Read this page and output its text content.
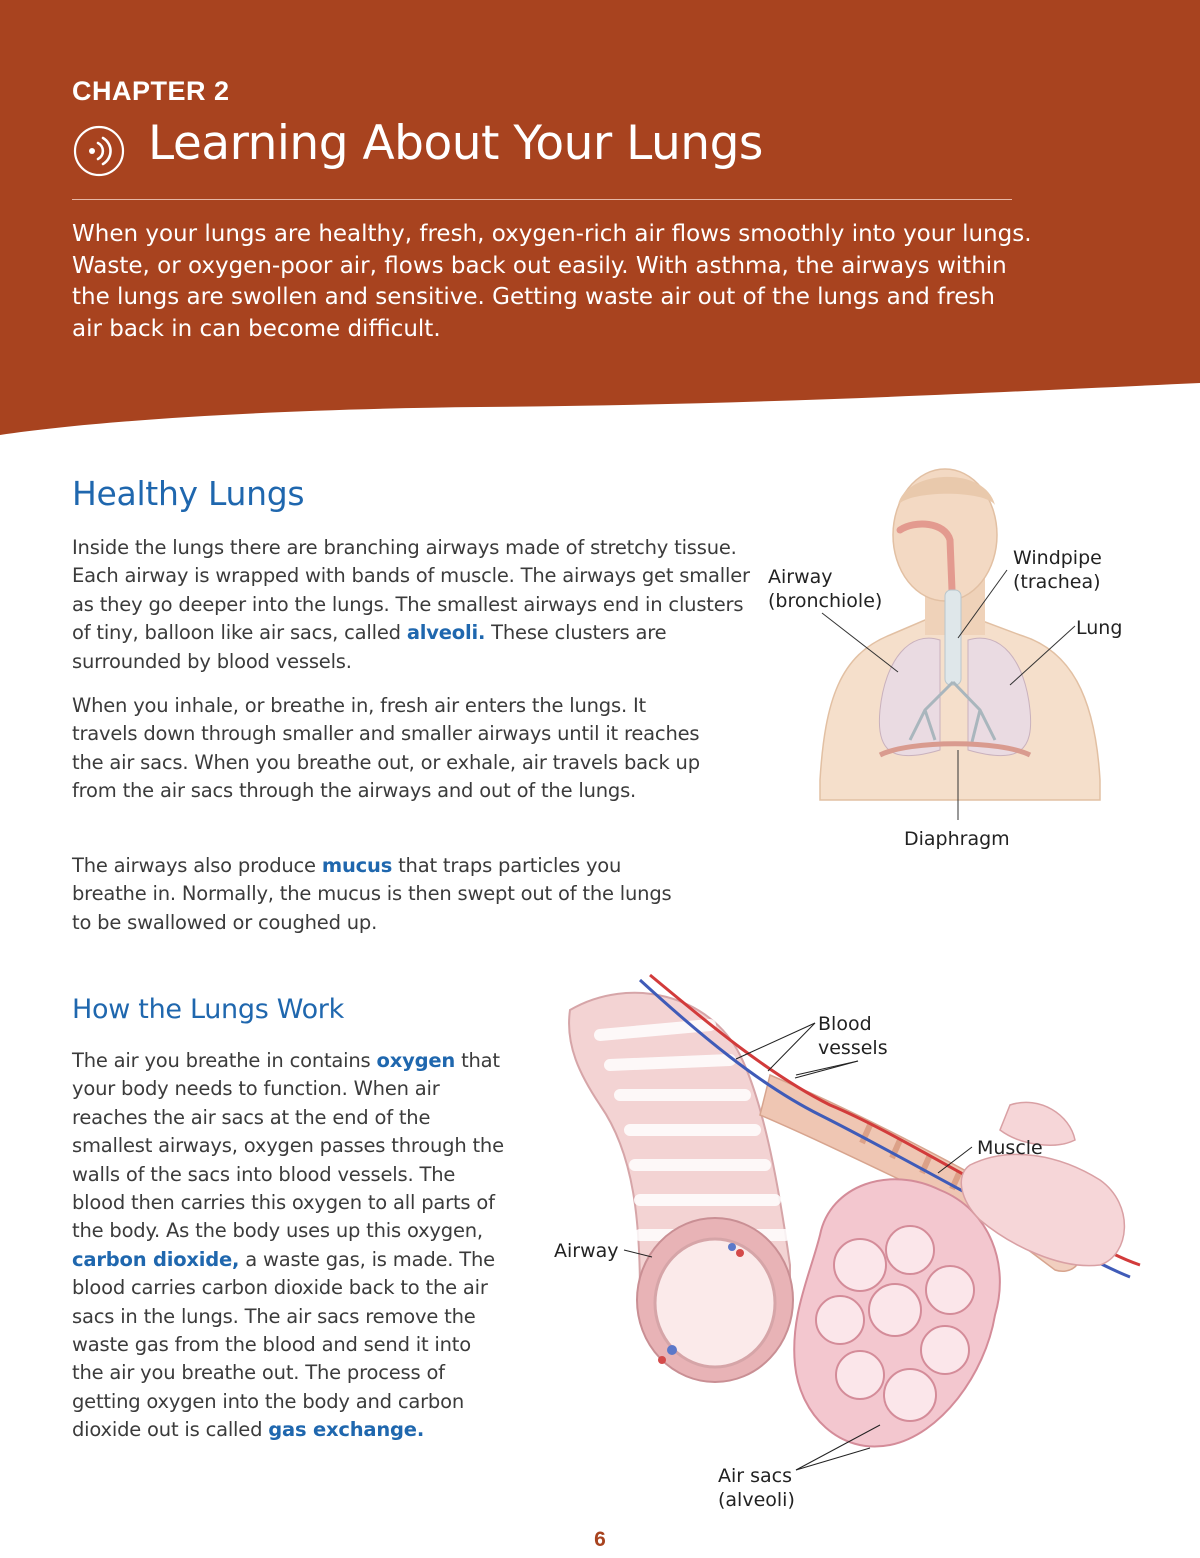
CHAPTER 2
Learning About Your Lungs

When your lungs are healthy, fresh, oxygen-rich air flows smoothly into your lungs. Waste, or oxygen-poor air, flows back out easily. With asthma, the airways within the lungs are swollen and sensitive. Getting waste air out of the lungs and fresh air back in can become difficult.

Healthy Lungs

Inside the lungs there are branching airways made of stretchy tissue. Each airway is wrapped with bands of muscle. The airways get smaller as they go deeper into the lungs. The smallest airways end in clusters of tiny, balloon like air sacs, called alveoli. These clusters are surrounded by blood vessels.

When you inhale, or breathe in, fresh air enters the lungs. It travels down through smaller and smaller airways until it reaches the air sacs. When you breathe out, or exhale, air travels back up from the air sacs through the airways and out of the lungs.

The airways also produce mucus that traps particles you breathe in. Normally, the mucus is then swept out of the lungs to be swallowed or coughed up.

Airway

(bronchiole)

Windpipe

(trachea)

Lung

Diaphragm

How the Lungs Work

The air you breathe in contains oxygen that your body needs to function. When air reaches the air sacs at the end of the smallest airways, oxygen passes through the walls of the sacs into blood vessels. The blood then carries this oxygen to all parts of the body. As the body uses up this oxygen, carbon dioxide, a waste gas, is made. The blood carries carbon dioxide back to the air sacs in the lungs. The air sacs remove the waste gas from the blood and send it into the air you breathe out. The process of getting oxygen into the body and carbon dioxide out is called gas exchange.

Blood

vessels

Muscle

Airway

Air sacs

(alveoli)

6
